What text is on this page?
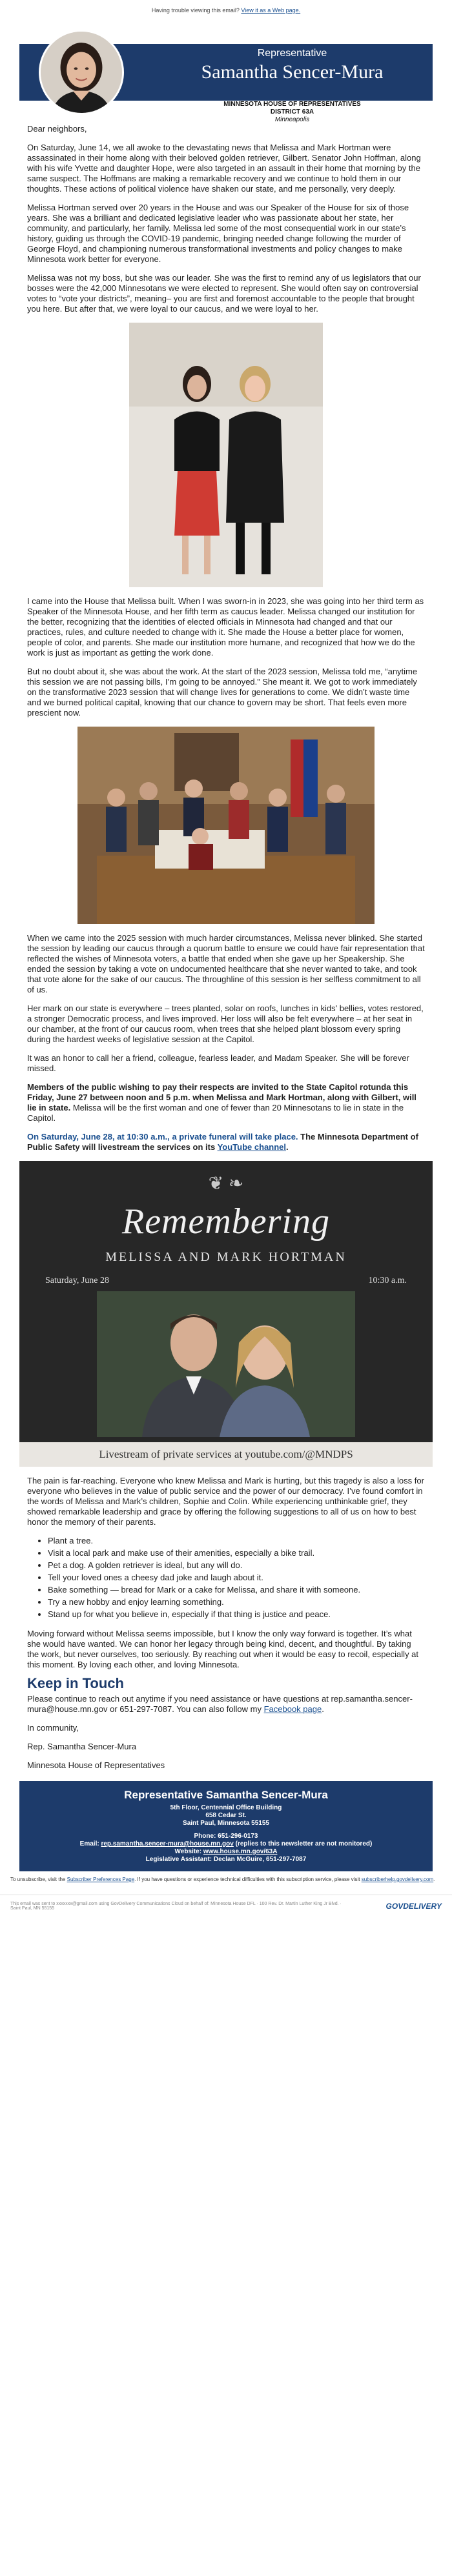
Having trouble viewing this email? View it as a Web page.
Representative
Samantha Sencer-Mura
MINNESOTA HOUSE OF REPRESENTATIVES
DISTRICT 63A
Minneapolis

Dear neighbors,

On Saturday, June 14, we all awoke to the devastating news that Melissa and Mark Hortman were assassinated in their home along with their beloved golden retriever, Gilbert. Senator John Hoffman, along with his wife Yvette and daughter Hope, were also targeted in an assault in their home that morning by the same suspect. The Hoffmans are making a remarkable recovery and we continue to hold them in our thoughts. These actions of political violence have shaken our state, and me personally, very deeply.

Melissa Hortman served over 20 years in the House and was our Speaker of the House for six of those years. She was a brilliant and dedicated legislative leader who was passionate about her state, her community, and particularly, her family. Melissa led some of the most consequential work in our state’s history, guiding us through the COVID-19 pandemic, bringing needed change following the murder of George Floyd, and championing numerous transformational investments and policy changes to make Minnesota work better for everyone.

Melissa was not my boss, but she was our leader. She was the first to remind any of us legislators that our bosses were the 42,000 Minnesotans we were elected to represent. She would often say on controversial votes to “vote your districts”, meaning– you are first and foremost accountable to the people that brought you here. But after that, we were loyal to our caucus, and we were loyal to her.

I came into the House that Melissa built. When I was sworn-in in 2023, she was going into her third term as Speaker of the Minnesota House, and her fifth term as caucus leader. Melissa changed our institution for the better, recognizing that the identities of elected officials in Minnesota had changed and that our practices, rules, and culture needed to change with it. She made the House a better place for women, people of color, and parents. She made our institution more humane, and recognized that how we do the work is just as important as getting the work done.

But no doubt about it, she was about the work. At the start of the 2023 session, Melissa told me, “anytime this session we are not passing bills, I’m going to be annoyed.” She meant it. We got to work immediately on the transformative 2023 session that will change lives for generations to come. We didn’t waste time and we burned political capital, knowing that our chance to govern may be short. That feels even more prescient now.

When we came into the 2025 session with much harder circumstances, Melissa never blinked. She started the session by leading our caucus through a quorum battle to ensure we could have fair representation that reflected the wishes of Minnesota voters, a battle that ended when she gave up her Speakership. She ended the session by taking a vote on undocumented healthcare that she never wanted to take, and took that vote alone for the sake of our caucus. The throughline of this session is her selfless commitment to all of us.

Her mark on our state is everywhere – trees planted, solar on roofs, lunches in kids' bellies, votes restored, a stronger Democratic process, and lives improved. Her loss will also be felt everywhere – at her seat in our chamber, at the front of our caucus room, when trees that she helped plant blossom every spring during the hardest weeks of legislative session at the Capitol.

It was an honor to call her a friend, colleague, fearless leader, and Madam Speaker. She will be forever missed.

Members of the public wishing to pay their respects are invited to the State Capitol rotunda this Friday, June 27 between noon and 5 p.m. when Melissa and Mark Hortman, along with Gilbert, will lie in state. Melissa will be the first woman and one of fewer than 20 Minnesotans to lie in state in the Capitol.

On Saturday, June 28, at 10:30 a.m., a private funeral will take place. The Minnesota Department of Public Safety will livestream the services on its YouTube channel.

❦ ❧
Remembering
MELISSA AND MARK HORTMAN
Saturday, June 28	10:30 a.m.
Livestream of private services at youtube.com/@MNDPS

The pain is far-reaching. Everyone who knew Melissa and Mark is hurting, but this tragedy is also a loss for everyone who believes in the value of public service and the power of our democracy. I’ve found comfort in the words of Melissa and Mark’s children, Sophie and Colin. While experiencing unthinkable grief, they showed remarkable leadership and grace by offering the following suggestions to all of us on how to best honor the memory of their parents.

• Plant a tree.
• Visit a local park and make use of their amenities, especially a bike trail.
• Pet a dog. A golden retriever is ideal, but any will do.
• Tell your loved ones a cheesy dad joke and laugh about it.
• Bake something — bread for Mark or a cake for Melissa, and share it with someone.
• Try a new hobby and enjoy learning something.
• Stand up for what you believe in, especially if that thing is justice and peace.

Moving forward without Melissa seems impossible, but I know the only way forward is together. It’s what she would have wanted. We can honor her legacy through being kind, decent, and thoughtful. By taking the work, but never ourselves, too seriously. By reaching out when it would be easy to recoil, especially at this moment. By loving each other, and loving Minnesota.

Keep in Touch

Please continue to reach out anytime if you need assistance or have questions at rep.samantha.sencer-mura@house.mn.gov or 651-297-7087. You can also follow my Facebook page.

In community,

Rep. Samantha Sencer-Mura

Minnesota House of Representatives

Representative Samantha Sencer-Mura
5th Floor, Centennial Office Building
658 Cedar St.
Saint Paul, Minnesota 55155
Phone: 651-296-0173
Email: rep.samantha.sencer-mura@house.mn.gov (replies to this newsletter are not monitored)
Website: www.house.mn.gov/63A
Legislative Assistant: Declan McGuire, 651-297-7087
To unsubscribe, visit the Subscriber Preferences Page. If you have questions or experience technical difficulties with this subscription service, please visit subscriberhelp.govdelivery.com.
This email was sent to xxxxxxx@gmail.com using GovDelivery Communications Cloud on behalf of: Minnesota House DFL · 100 Rev. Dr. Martin Luther King Jr Blvd. · Saint Paul, MN 55155	GOVDELIVERY
